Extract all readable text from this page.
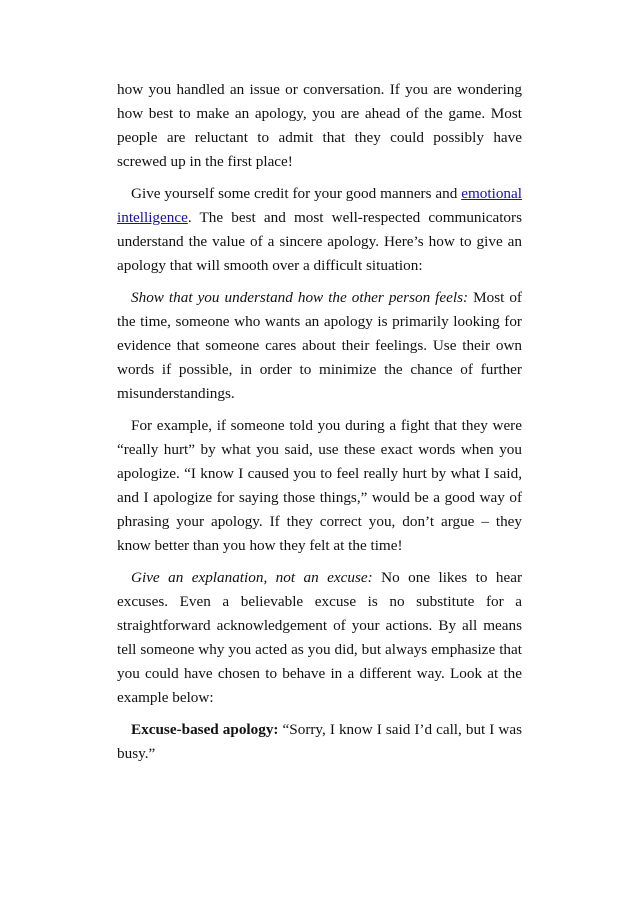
how you handled an issue or conversation. If you are wondering how best to make an apology, you are ahead of the game. Most people are reluctant to admit that they could possibly have screwed up in the first place!

Give yourself some credit for your good manners and emotional intelligence. The best and most well-respected communicators understand the value of a sincere apology. Here’s how to give an apology that will smooth over a difficult situation:

Show that you understand how the other person feels: Most of the time, someone who wants an apology is primarily looking for evidence that someone cares about their feelings. Use their own words if possible, in order to minimize the chance of further misunderstandings.

For example, if someone told you during a fight that they were “really hurt” by what you said, use these exact words when you apologize. “I know I caused you to feel really hurt by what I said, and I apologize for saying those things,” would be a good way of phrasing your apology. If they correct you, don’t argue – they know better than you how they felt at the time!

Give an explanation, not an excuse: No one likes to hear excuses. Even a believable excuse is no substitute for a straightforward acknowledgement of your actions. By all means tell someone why you acted as you did, but always emphasize that you could have chosen to behave in a different way. Look at the example below:

Excuse-based apology: “Sorry, I know I said I’d call, but I was busy.”
